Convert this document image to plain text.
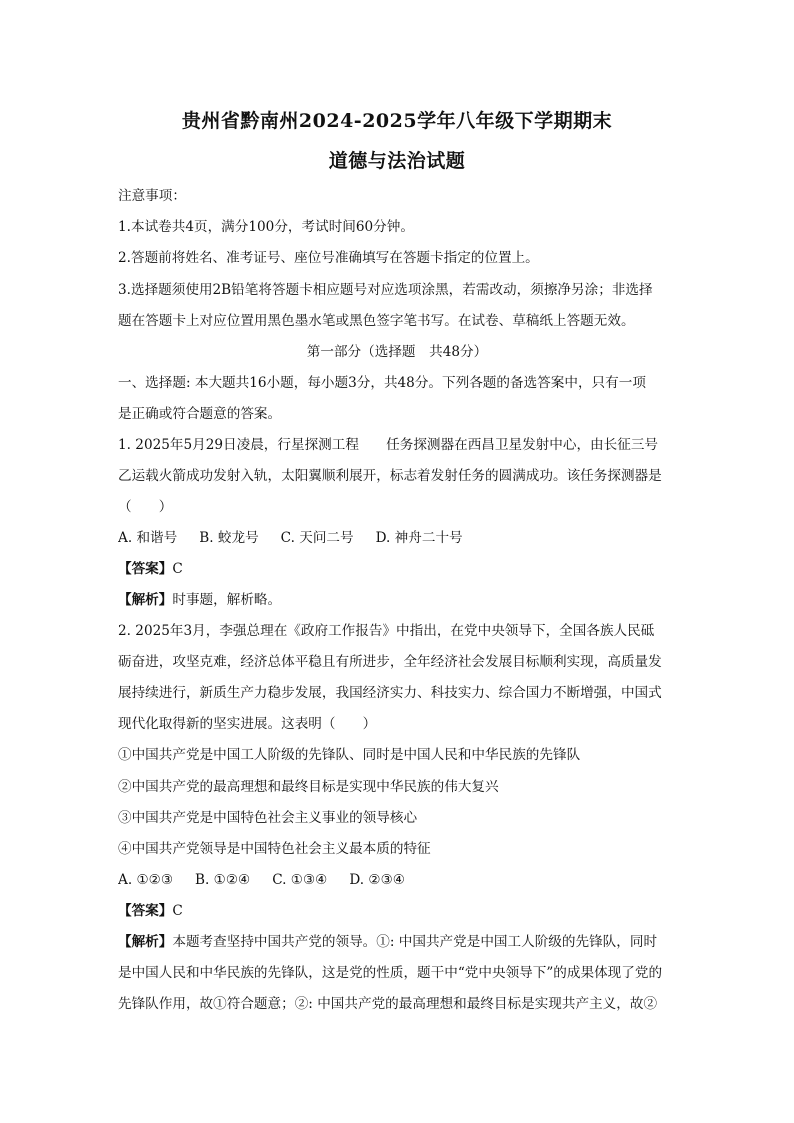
贵州省黔南州2024-2025学年八年级下学期期末
道德与法治试题

注意事项：

1.本试卷共4页，满分100分，考试时间60分钟。

2.答题前将姓名、准考证号、座位号准确填写在答题卡指定的位置上。

3.选择题须使用2B铅笔将答题卡相应题号对应选项涂黑，若需改动，须擦净另涂；非选择

题在答题卡上对应位置用黑色墨水笔或黑色签字笔书写。在试卷、草稿纸上答题无效。

第一部分（选择题　共48分）

一、选择题: 本大题共16小题，每小题3分，共48分。下列各题的备选答案中，只有一项

是正确或符合题意的答案。

1. 2025年5月29日凌晨，行星探测工程　　任务探测器在西昌卫星发射中心，由长征三号

乙运载火箭成功发射入轨，太阳翼顺利展开，标志着发射任务的圆满成功。该任务探测器是

（　　）

A. 和谐号 B. 蛟龙号 C. 天问二号 D. 神舟二十号

【答案】C

【解析】时事题，解析略。

2. 2025年3月，李强总理在《政府工作报告》中指出，在党中央领导下，全国各族人民砥

砺奋进，攻坚克难，经济总体平稳且有所进步，全年经济社会发展目标顺利实现，高质量发

展持续进行，新质生产力稳步发展，我国经济实力、科技实力、综合国力不断增强，中国式

现代化取得新的坚实进展。这表明（　　）

①中国共产党是中国工人阶级的先锋队、同时是中国人民和中华民族的先锋队

②中国共产党的最高理想和最终目标是实现中华民族的伟大复兴

③中国共产党是中国特色社会主义事业的领导核心

④中国共产党领导是中国特色社会主义最本质的特征

A. ①②③ B. ①②④ C. ①③④ D. ②③④

【答案】C

【解析】本题考查坚持中国共产党的领导。①: 中国共产党是中国工人阶级的先锋队，同时

是中国人民和中华民族的先锋队，这是党的性质，题干中“党中央领导下”的成果体现了党的

先锋队作用，故①符合题意；②: 中国共产党的最高理想和最终目标是实现共产主义，故②
